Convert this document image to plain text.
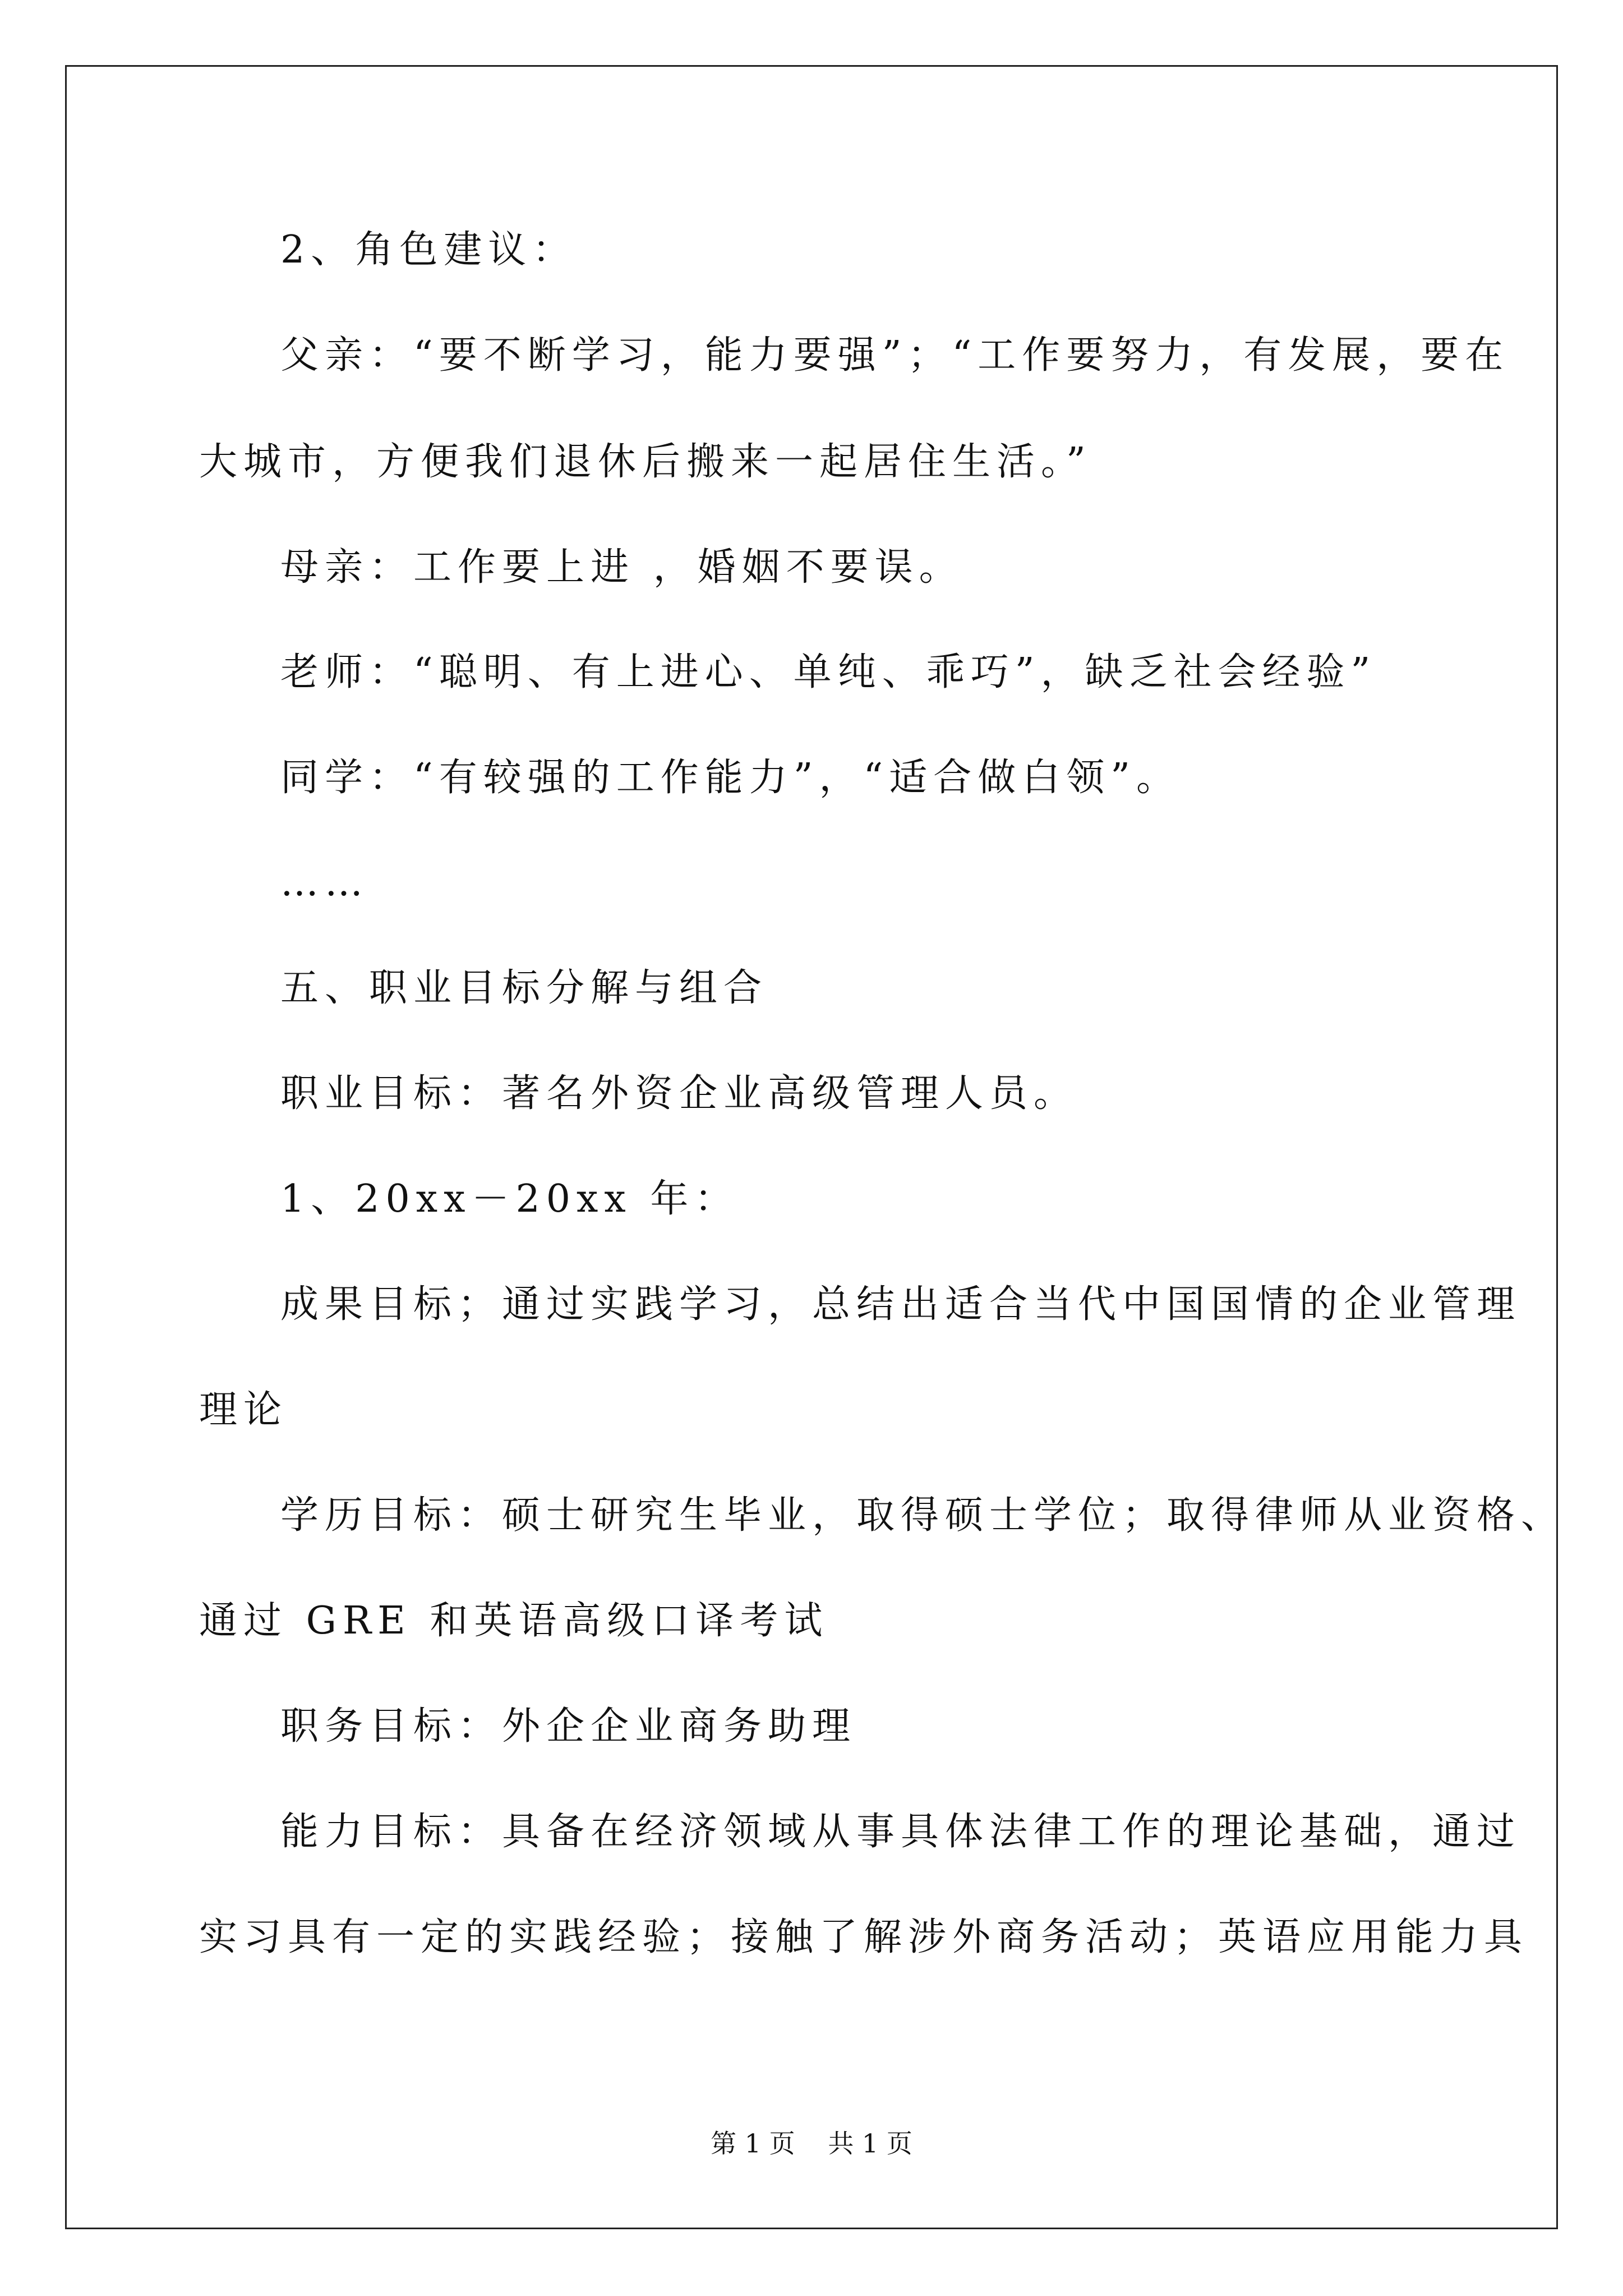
2、角色建议：
父亲：“要不断学习，能力要强”；“工作要努力，有发展，要在
大城市，方便我们退休后搬来一起居住生活。”
母亲：工作要上进 ，婚姻不要误。
老师：“聪明、有上进心、单纯、乖巧”，缺乏社会经验”
同学：“有较强的工作能力”，“适合做白领”。
……
五、职业目标分解与组合
职业目标：著名外资企业高级管理人员。
1、20xx－20xx 年：
成果目标；通过实践学习，总结出适合当代中国国情的企业管理
理论
学历目标：硕士研究生毕业，取得硕士学位；取得律师从业资格、
通过 GRE 和英语高级口译考试
职务目标：外企企业商务助理
能力目标：具备在经济领域从事具体法律工作的理论基础，通过
实习具有一定的实践经验；接触了解涉外商务活动；英语应用能力具
第 1 页 共 1 页
